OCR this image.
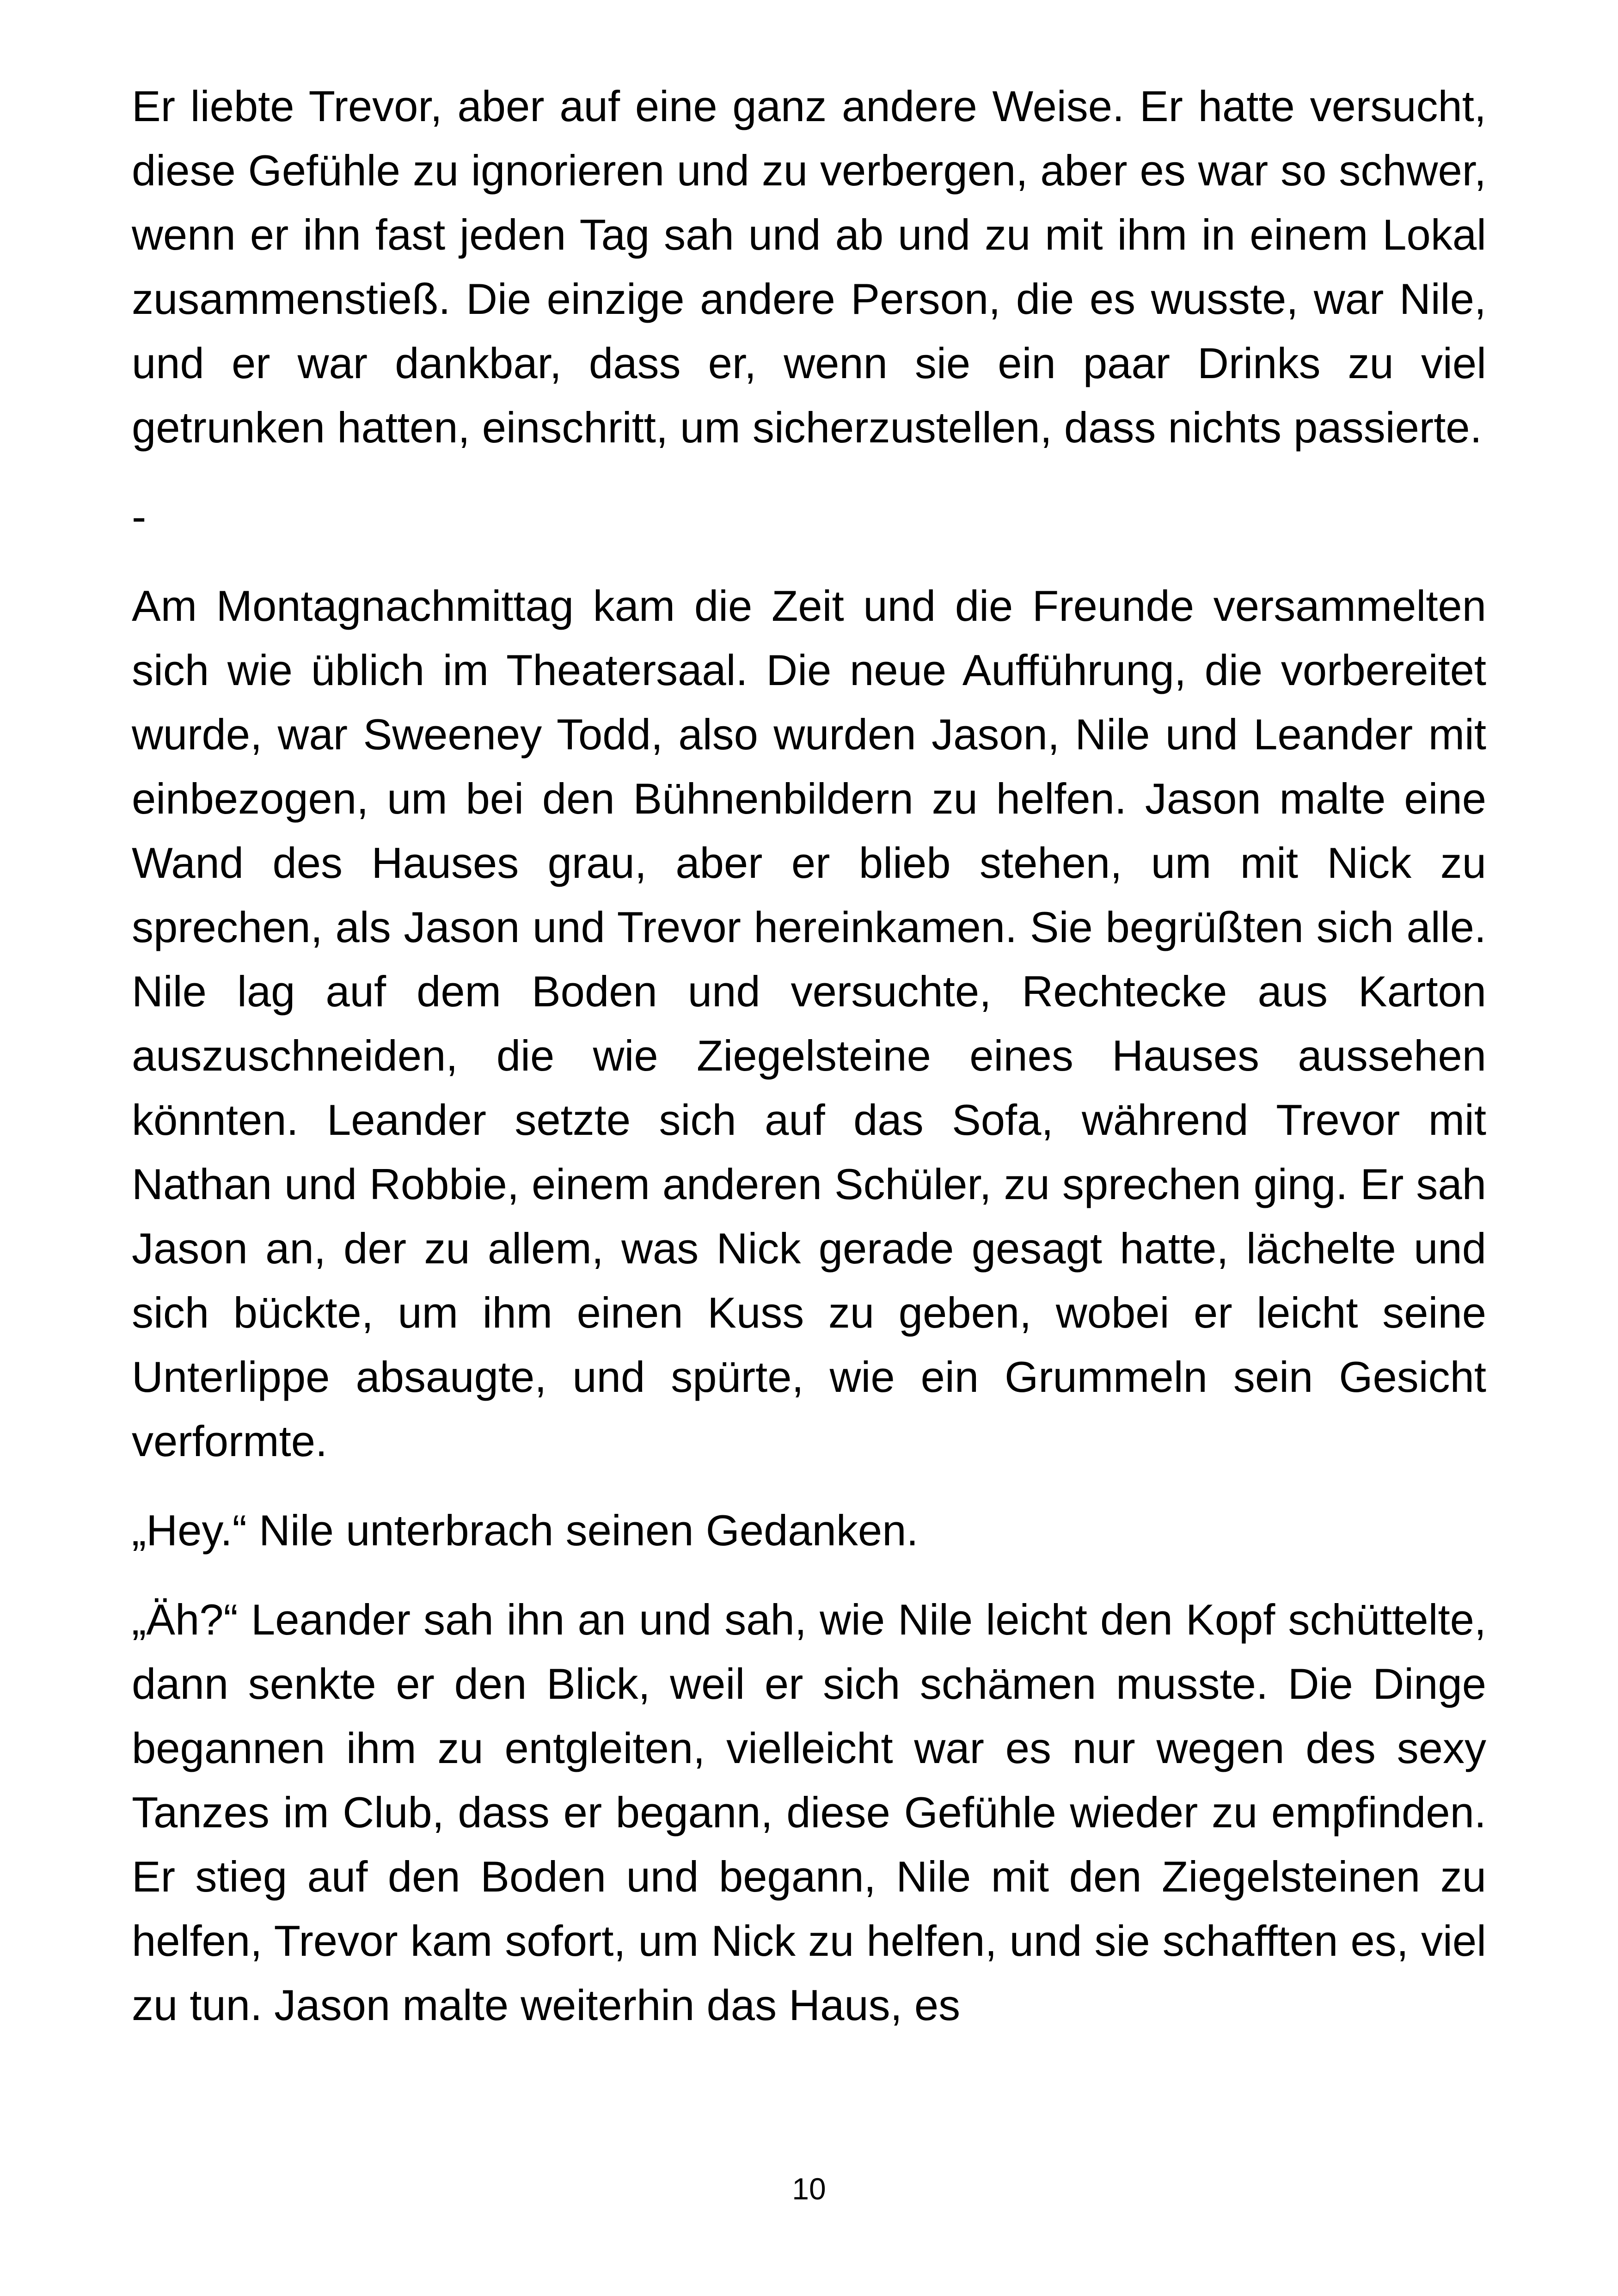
Er liebte Trevor, aber auf eine ganz andere Weise. Er hatte versucht, diese Gefühle zu ignorieren und zu verbergen, aber es war so schwer, wenn er ihn fast jeden Tag sah und ab und zu mit ihm in einem Lokal zusammenstieß. Die einzige andere Person, die es wusste, war Nile, und er war dankbar, dass er, wenn sie ein paar Drinks zu viel getrunken hatten, einschritt, um sicherzustellen, dass nichts passierte.

-

Am Montagnachmittag kam die Zeit und die Freunde versammelten sich wie üblich im Theatersaal. Die neue Aufführung, die vorbereitet wurde, war Sweeney Todd, also wurden Jason, Nile und Leander mit einbezogen, um bei den Bühnenbildern zu helfen. Jason malte eine Wand des Hauses grau, aber er blieb stehen, um mit Nick zu sprechen, als Jason und Trevor hereinkamen. Sie begrüßten sich alle. Nile lag auf dem Boden und versuchte, Rechtecke aus Karton auszuschneiden, die wie Ziegelsteine eines Hauses aussehen könnten. Leander setzte sich auf das Sofa, während Trevor mit Nathan und Robbie, einem anderen Schüler, zu sprechen ging. Er sah Jason an, der zu allem, was Nick gerade gesagt hatte, lächelte und sich bückte, um ihm einen Kuss zu geben, wobei er leicht seine Unterlippe absaugte, und spürte, wie ein Grummeln sein Gesicht verformte.

„Hey.“ Nile unterbrach seinen Gedanken.

„Äh?“ Leander sah ihn an und sah, wie Nile leicht den Kopf schüttelte, dann senkte er den Blick, weil er sich schämen musste. Die Dinge begannen ihm zu entgleiten, vielleicht war es nur wegen des sexy Tanzes im Club, dass er begann, diese Gefühle wieder zu empfinden. Er stieg auf den Boden und begann, Nile mit den Ziegelsteinen zu helfen, Trevor kam sofort, um Nick zu helfen, und sie schafften es, viel zu tun. Jason malte weiterhin das Haus, es

10
